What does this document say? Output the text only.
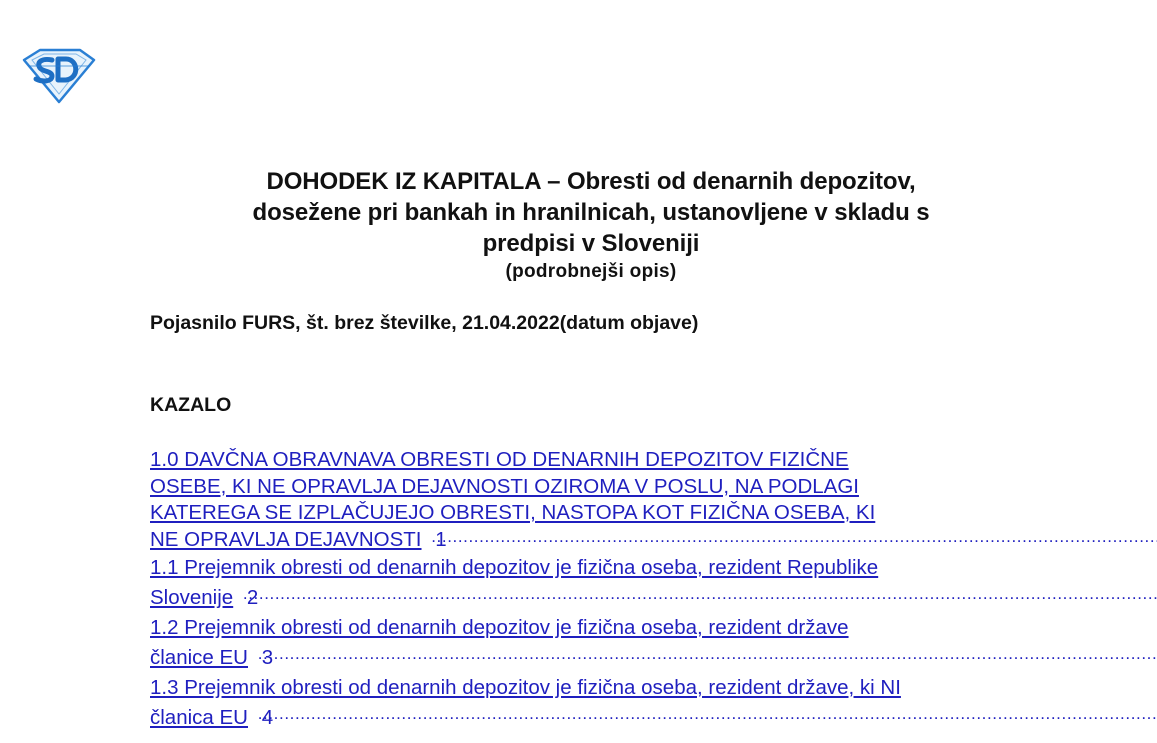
DOHODEK IZ KAPITALA – Obresti od denarnih depozitov,

dosežene pri bankah in hranilnicah, ustanovljene v skladu s

predpisi v Sloveniji

(podrobnejši opis)

Pojasnilo FURS, št. brez številke, 21.04.2022(datum objave)
KAZALO
1.0 DAVČNA OBRAVNAVA OBRESTI OD DENARNIH DEPOZITOV FIZIČNE
OSEBE, KI NE OPRAVLJA DEJAVNOSTI OZIROMA V POSLU, NA PODLAGI
KATEREGA SE IZPLAČUJEJO OBRESTI, NASTOPA KOT FIZIČNA OSEBA, KI
NE OPRAVLJA DEJAVNOSTI 1
1.1 Prejemnik obresti od denarnih depozitov je fizična oseba, rezident Republike
Slovenije 2
1.2 Prejemnik obresti od denarnih depozitov je fizična oseba, rezident države
članice EU 3
1.3 Prejemnik obresti od denarnih depozitov je fizična oseba, rezident države, ki NI
članica EU 4
